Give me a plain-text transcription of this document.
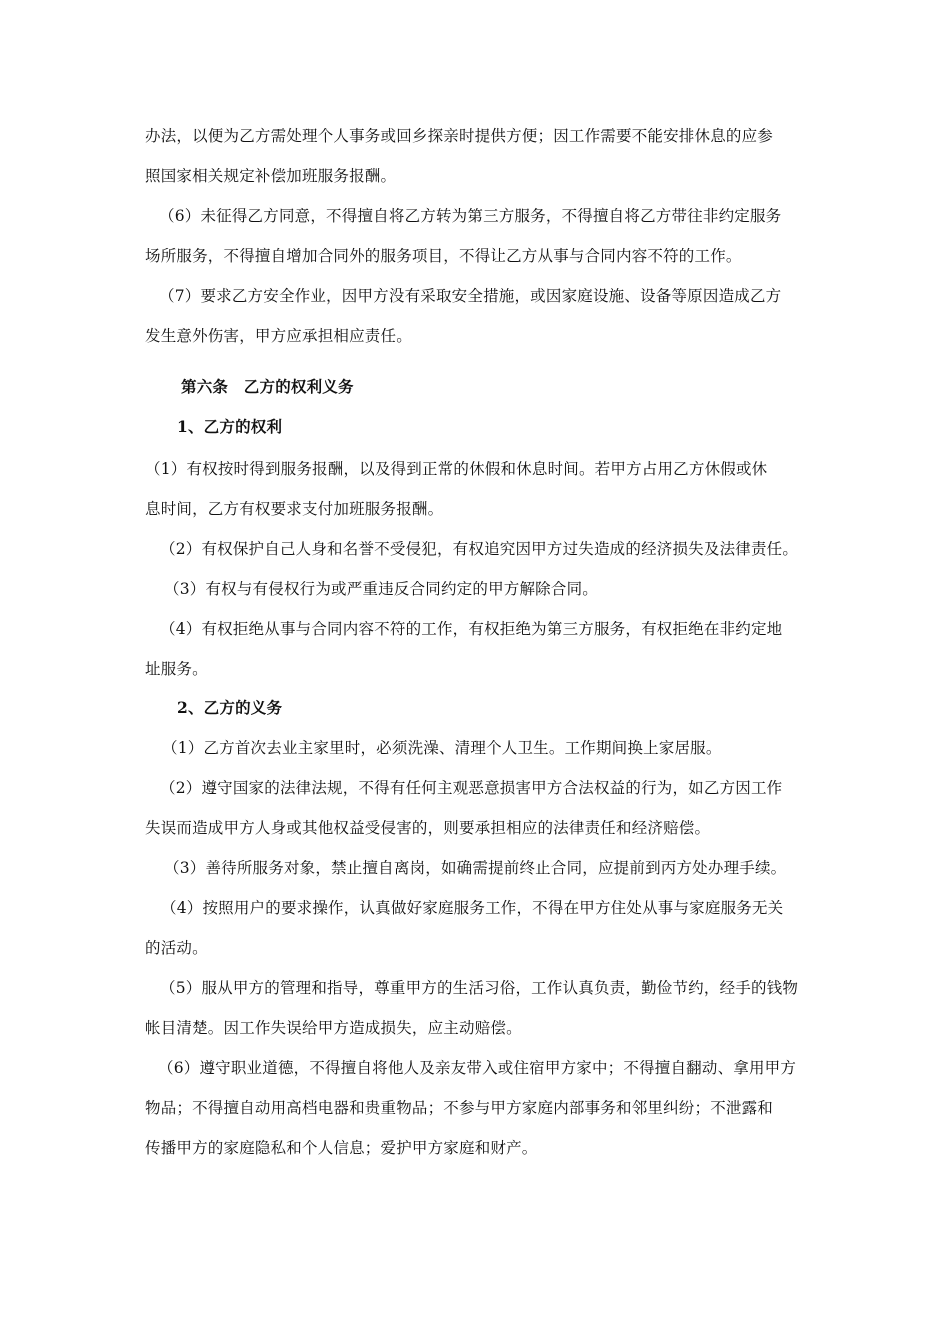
办法，以便为乙方需处理个人事务或回乡探亲时提供方便；因工作需要不能安排休息的应参
照国家相关规定补偿加班服务报酬。
（6）未征得乙方同意，不得擅自将乙方转为第三方服务，不得擅自将乙方带往非约定服务
场所服务，不得擅自增加合同外的服务项目，不得让乙方从事与合同内容不符的工作。
（7）要求乙方安全作业，因甲方没有采取安全措施，或因家庭设施、设备等原因造成乙方
发生意外伤害，甲方应承担相应责任。
第六条　乙方的权利义务
1、乙方的权利
（1）有权按时得到服务报酬，以及得到正常的休假和休息时间。若甲方占用乙方休假或休
息时间，乙方有权要求支付加班服务报酬。
（2）有权保护自己人身和名誉不受侵犯，有权追究因甲方过失造成的经济损失及法律责任。
（3）有权与有侵权行为或严重违反合同约定的甲方解除合同。
（4）有权拒绝从事与合同内容不符的工作，有权拒绝为第三方服务，有权拒绝在非约定地
址服务。
2、乙方的义务
（1）乙方首次去业主家里时，必须洗澡、清理个人卫生。工作期间换上家居服。
（2）遵守国家的法律法规，不得有任何主观恶意损害甲方合法权益的行为，如乙方因工作
失误而造成甲方人身或其他权益受侵害的，则要承担相应的法律责任和经济赔偿。
（3）善待所服务对象，禁止擅自离岗，如确需提前终止合同，应提前到丙方处办理手续。
（4）按照用户的要求操作，认真做好家庭服务工作，不得在甲方住处从事与家庭服务无关
的活动。
（5）服从甲方的管理和指导，尊重甲方的生活习俗，工作认真负责，勤俭节约，经手的钱物
帐目清楚。因工作失误给甲方造成损失，应主动赔偿。
（6）遵守职业道德，不得擅自将他人及亲友带入或住宿甲方家中；不得擅自翻动、拿用甲方
物品；不得擅自动用高档电器和贵重物品；不参与甲方家庭内部事务和邻里纠纷；不泄露和
传播甲方的家庭隐私和个人信息；爱护甲方家庭和财产。
